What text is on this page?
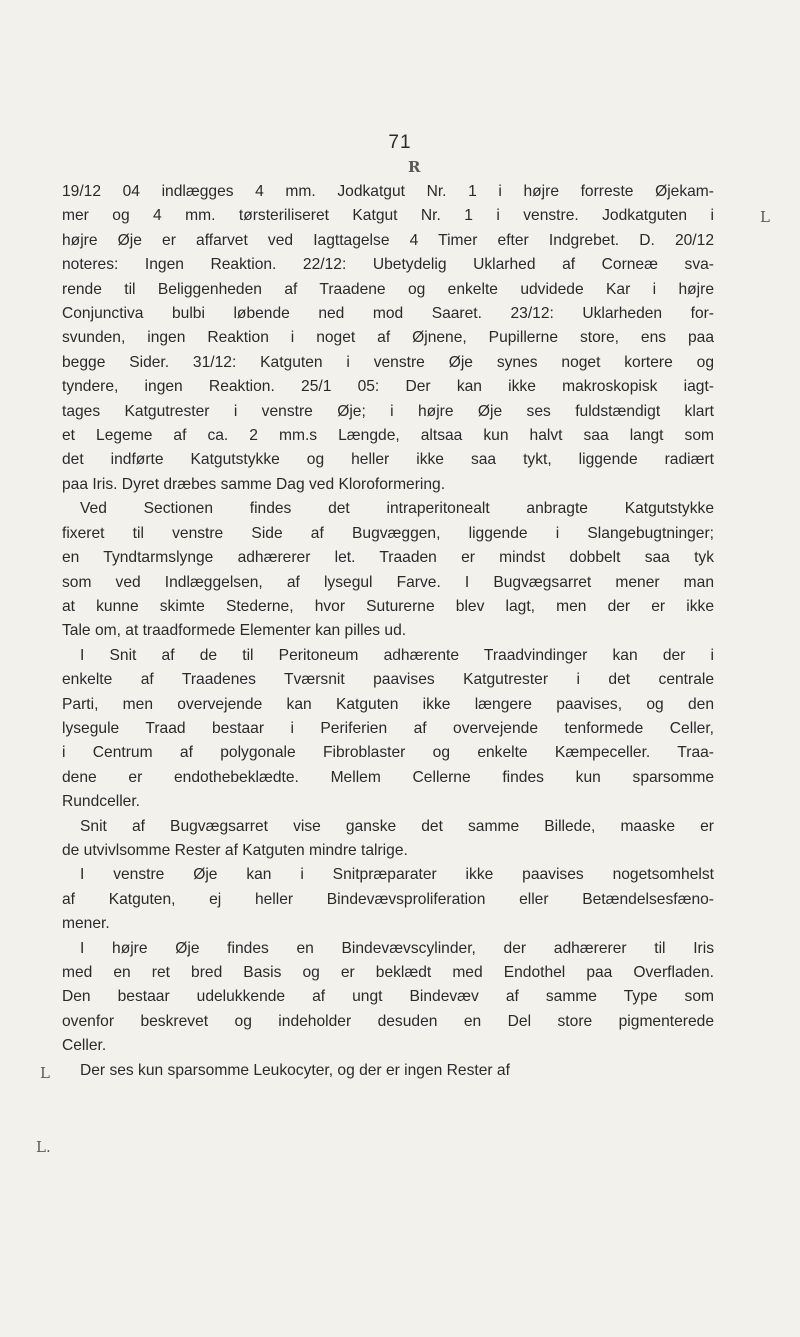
71
R
L
L
L.
19/12 04 indlægges 4 mm. Jodkatgut Nr. 1 i højre forreste Øjekam-
mer og 4 mm. tørsteriliseret Katgut Nr. 1 i venstre. Jodkatguten i
højre Øje er affarvet ved Iagttagelse 4 Timer efter Indgrebet. D. 20/12
noteres: Ingen Reaktion. 22/12: Ubetydelig Uklarhed af Corneæ sva-
rende til Beliggenheden af Traadene og enkelte udvidede Kar i højre
Conjunctiva bulbi løbende ned mod Saaret. 23/12: Uklarheden for-
svunden, ingen Reaktion i noget af Øjnene, Pupillerne store, ens paa
begge Sider. 31/12: Katguten i venstre Øje synes noget kortere og
tyndere, ingen Reaktion. 25/1 05: Der kan ikke makroskopisk iagt-
tages Katgutrester i venstre Øje; i højre Øje ses fuldstændigt klart
et Legeme af ca. 2 mm.s Længde, altsaa kun halvt saa langt som
det indførte Katgutstykke og heller ikke saa tykt, liggende radiært
paa Iris. Dyret dræbes samme Dag ved Kloroformering.
Ved Sectionen findes det intraperitonealt anbragte Katgutstykke
fixeret til venstre Side af Bugvæggen, liggende i Slangebugtninger;
en Tyndtarmslynge adhærerer let. Traaden er mindst dobbelt saa tyk
som ved Indlæggelsen, af lysegul Farve. I Bugvægsarret mener man
at kunne skimte Stederne, hvor Suturerne blev lagt, men der er ikke
Tale om, at traadformede Elementer kan pilles ud.
I Snit af de til Peritoneum adhærente Traadvindinger kan der i
enkelte af Traadenes Tværsnit paavises Katgutrester i det centrale
Parti, men overvejende kan Katguten ikke længere paavises, og den
lysegule Traad bestaar i Periferien af overvejende tenformede Celler,
i Centrum af polygonale Fibroblaster og enkelte Kæmpeceller. Traa-
dene er endothebeklædte. Mellem Cellerne findes kun sparsomme
Rundceller.
Snit af Bugvægsarret vise ganske det samme Billede, maaske er
de utvivlsomme Rester af Katguten mindre talrige.
I venstre Øje kan i Snitpræparater ikke paavises nogetsomhelst
af Katguten, ej heller Bindevævsproliferation eller Betændelsesfæno-
mener.
I højre Øje findes en Bindevævscylinder, der adhærerer til Iris
med en ret bred Basis og er beklædt med Endothel paa Overfladen.
Den bestaar udelukkende af ungt Bindevæv af samme Type som
ovenfor beskrevet og indeholder desuden en Del store pigmenterede
Celler.
Der ses kun sparsomme Leukocyter, og der er ingen Rester af
